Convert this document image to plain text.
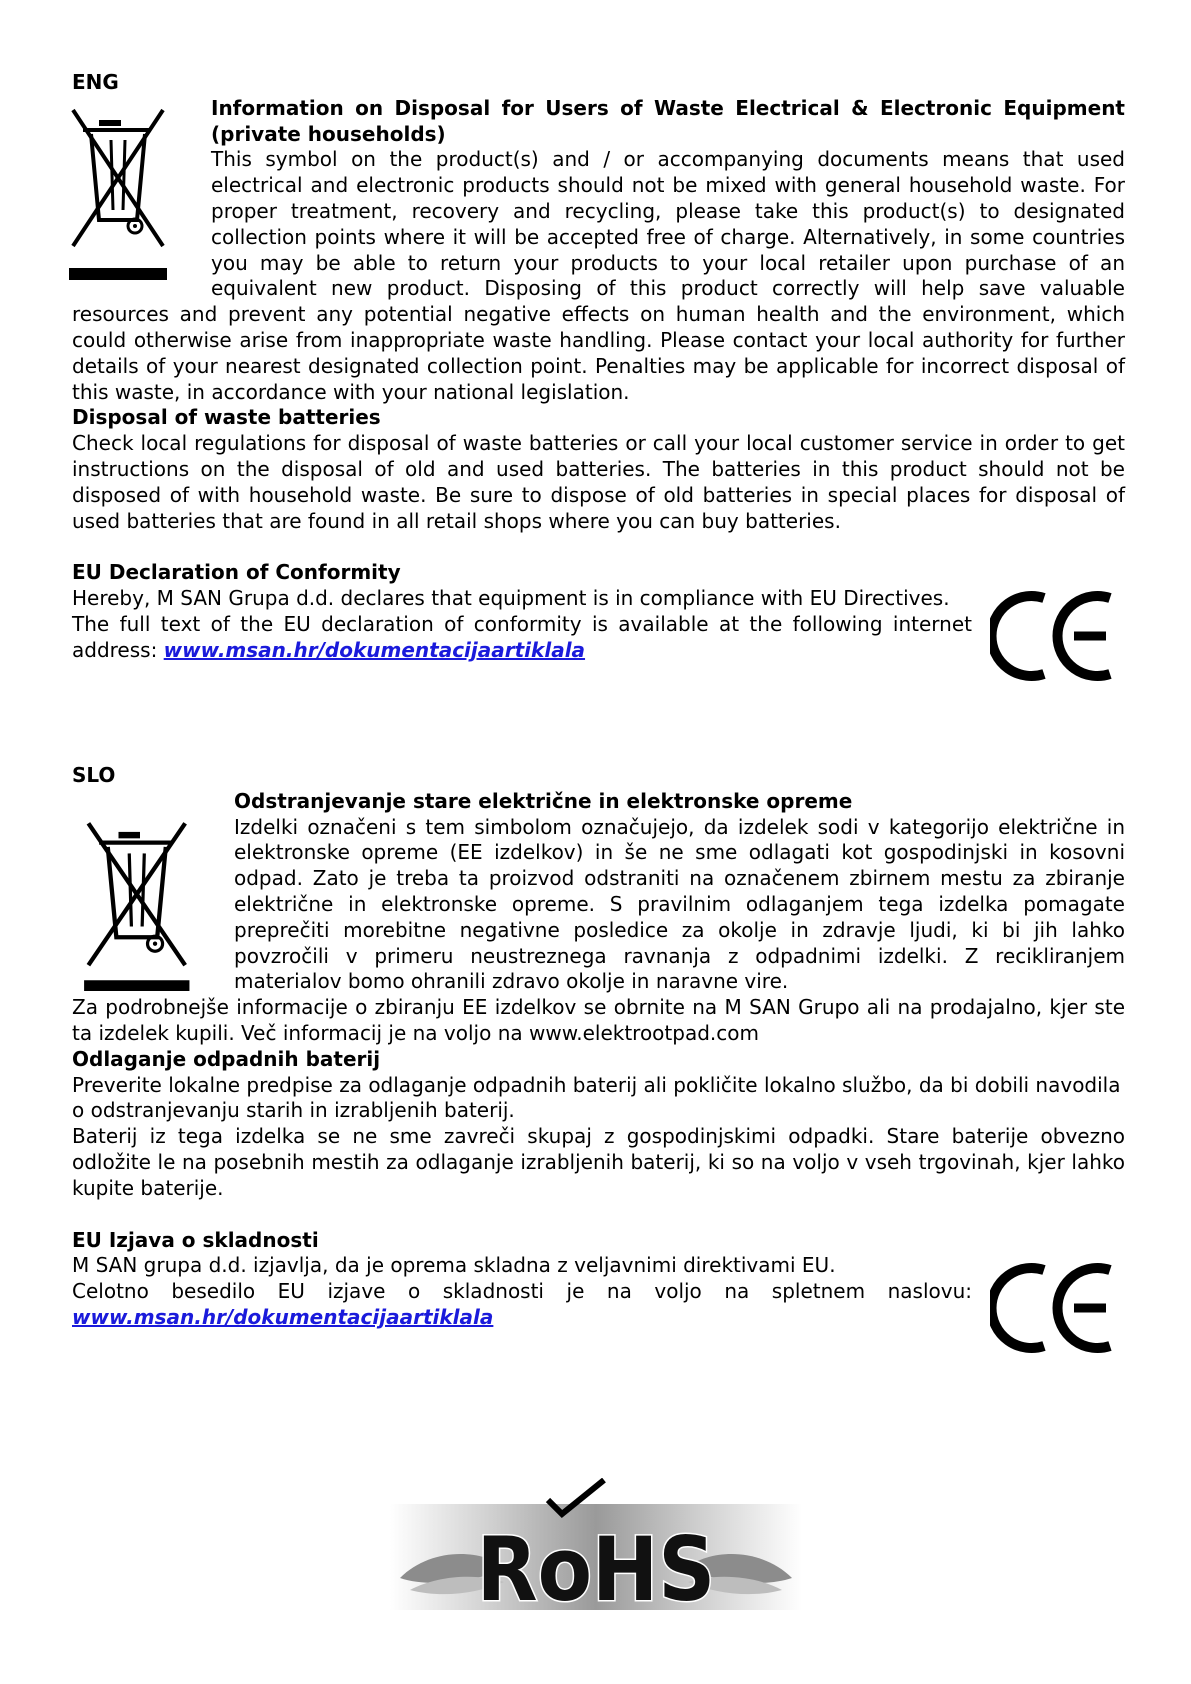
ENG

Information on Disposal for Users of Waste Electrical & Electronic Equipment (private households)

This symbol on the product(s) and / or accompanying documents means that used electrical and electronic products should not be mixed with general household waste. For proper treatment, recovery and recycling, please take this product(s) to designated collection points where it will be accepted free of charge. Alternatively, in some countries you may be able to return your products to your local retailer upon purchase of an equivalent new product. Disposing of this product correctly will help save valuable resources and prevent any potential negative effects on human health and the environment, which could otherwise arise from inappropriate waste handling. Please contact your local authority for further details of your nearest designated collection point. Penalties may be applicable for incorrect disposal of this waste, in accordance with your national legislation.

Disposal of waste batteries

Check local regulations for disposal of waste batteries or call your local customer service in order to get instructions on the disposal of old and used batteries. The batteries in this product should not be disposed of with household waste. Be sure to dispose of old batteries in special places for disposal of used batteries that are found in all retail shops where you can buy batteries.

EU Declaration of Conformity

Hereby, M SAN Grupa d.d. declares that equipment is in compliance with EU Directives.

The full text of the EU declaration of conformity is available at the following internet address: www.msan.hr/dokumentacijaartiklala

C

SLO

Odstranjevanje stare električne in elektronske opreme

Izdelki označeni s tem simbolom označujejo, da izdelek sodi v kategorijo električne in elektronske opreme (EE izdelkov) in še ne sme odlagati kot gospodinjski in kosovni odpad. Zato je treba ta proizvod odstraniti na označenem zbirnem mestu za zbiranje električne in elektronske opreme. S pravilnim odlaganjem tega izdelka pomagate preprečiti morebitne negativne posledice za okolje in zdravje ljudi, ki bi jih lahko povzročili v primeru neustreznega ravnanja z odpadnimi izdelki. Z recikliranjem materialov bomo ohranili zdravo okolje in naravne vire.

Za podrobnejše informacije o zbiranju EE izdelkov se obrnite na M SAN Grupo ali na prodajalno, kjer ste ta izdelek kupili. Več informacij je na voljo na www.elektrootpad.com

Odlaganje odpadnih baterij

Preverite lokalne predpise za odlaganje odpadnih baterij ali pokličite lokalno službo, da bi dobili navodila o odstranjevanju starih in izrabljenih baterij.

Baterij iz tega izdelka se ne sme zavreči skupaj z gospodinjskimi odpadki. Stare baterije obvezno odložite le na posebnih mestih za odlaganje izrabljenih baterij, ki so na voljo v vseh trgovinah, kjer lahko kupite baterije.

EU Izjava o skladnosti

M SAN grupa d.d. izjavlja, da je oprema skladna z veljavnimi direktivami EU.

Celotno besedilo EU izjave o skladnosti je na voljo na spletnem naslovu: www.msan.hr/dokumentacijaartiklala

RoHS
